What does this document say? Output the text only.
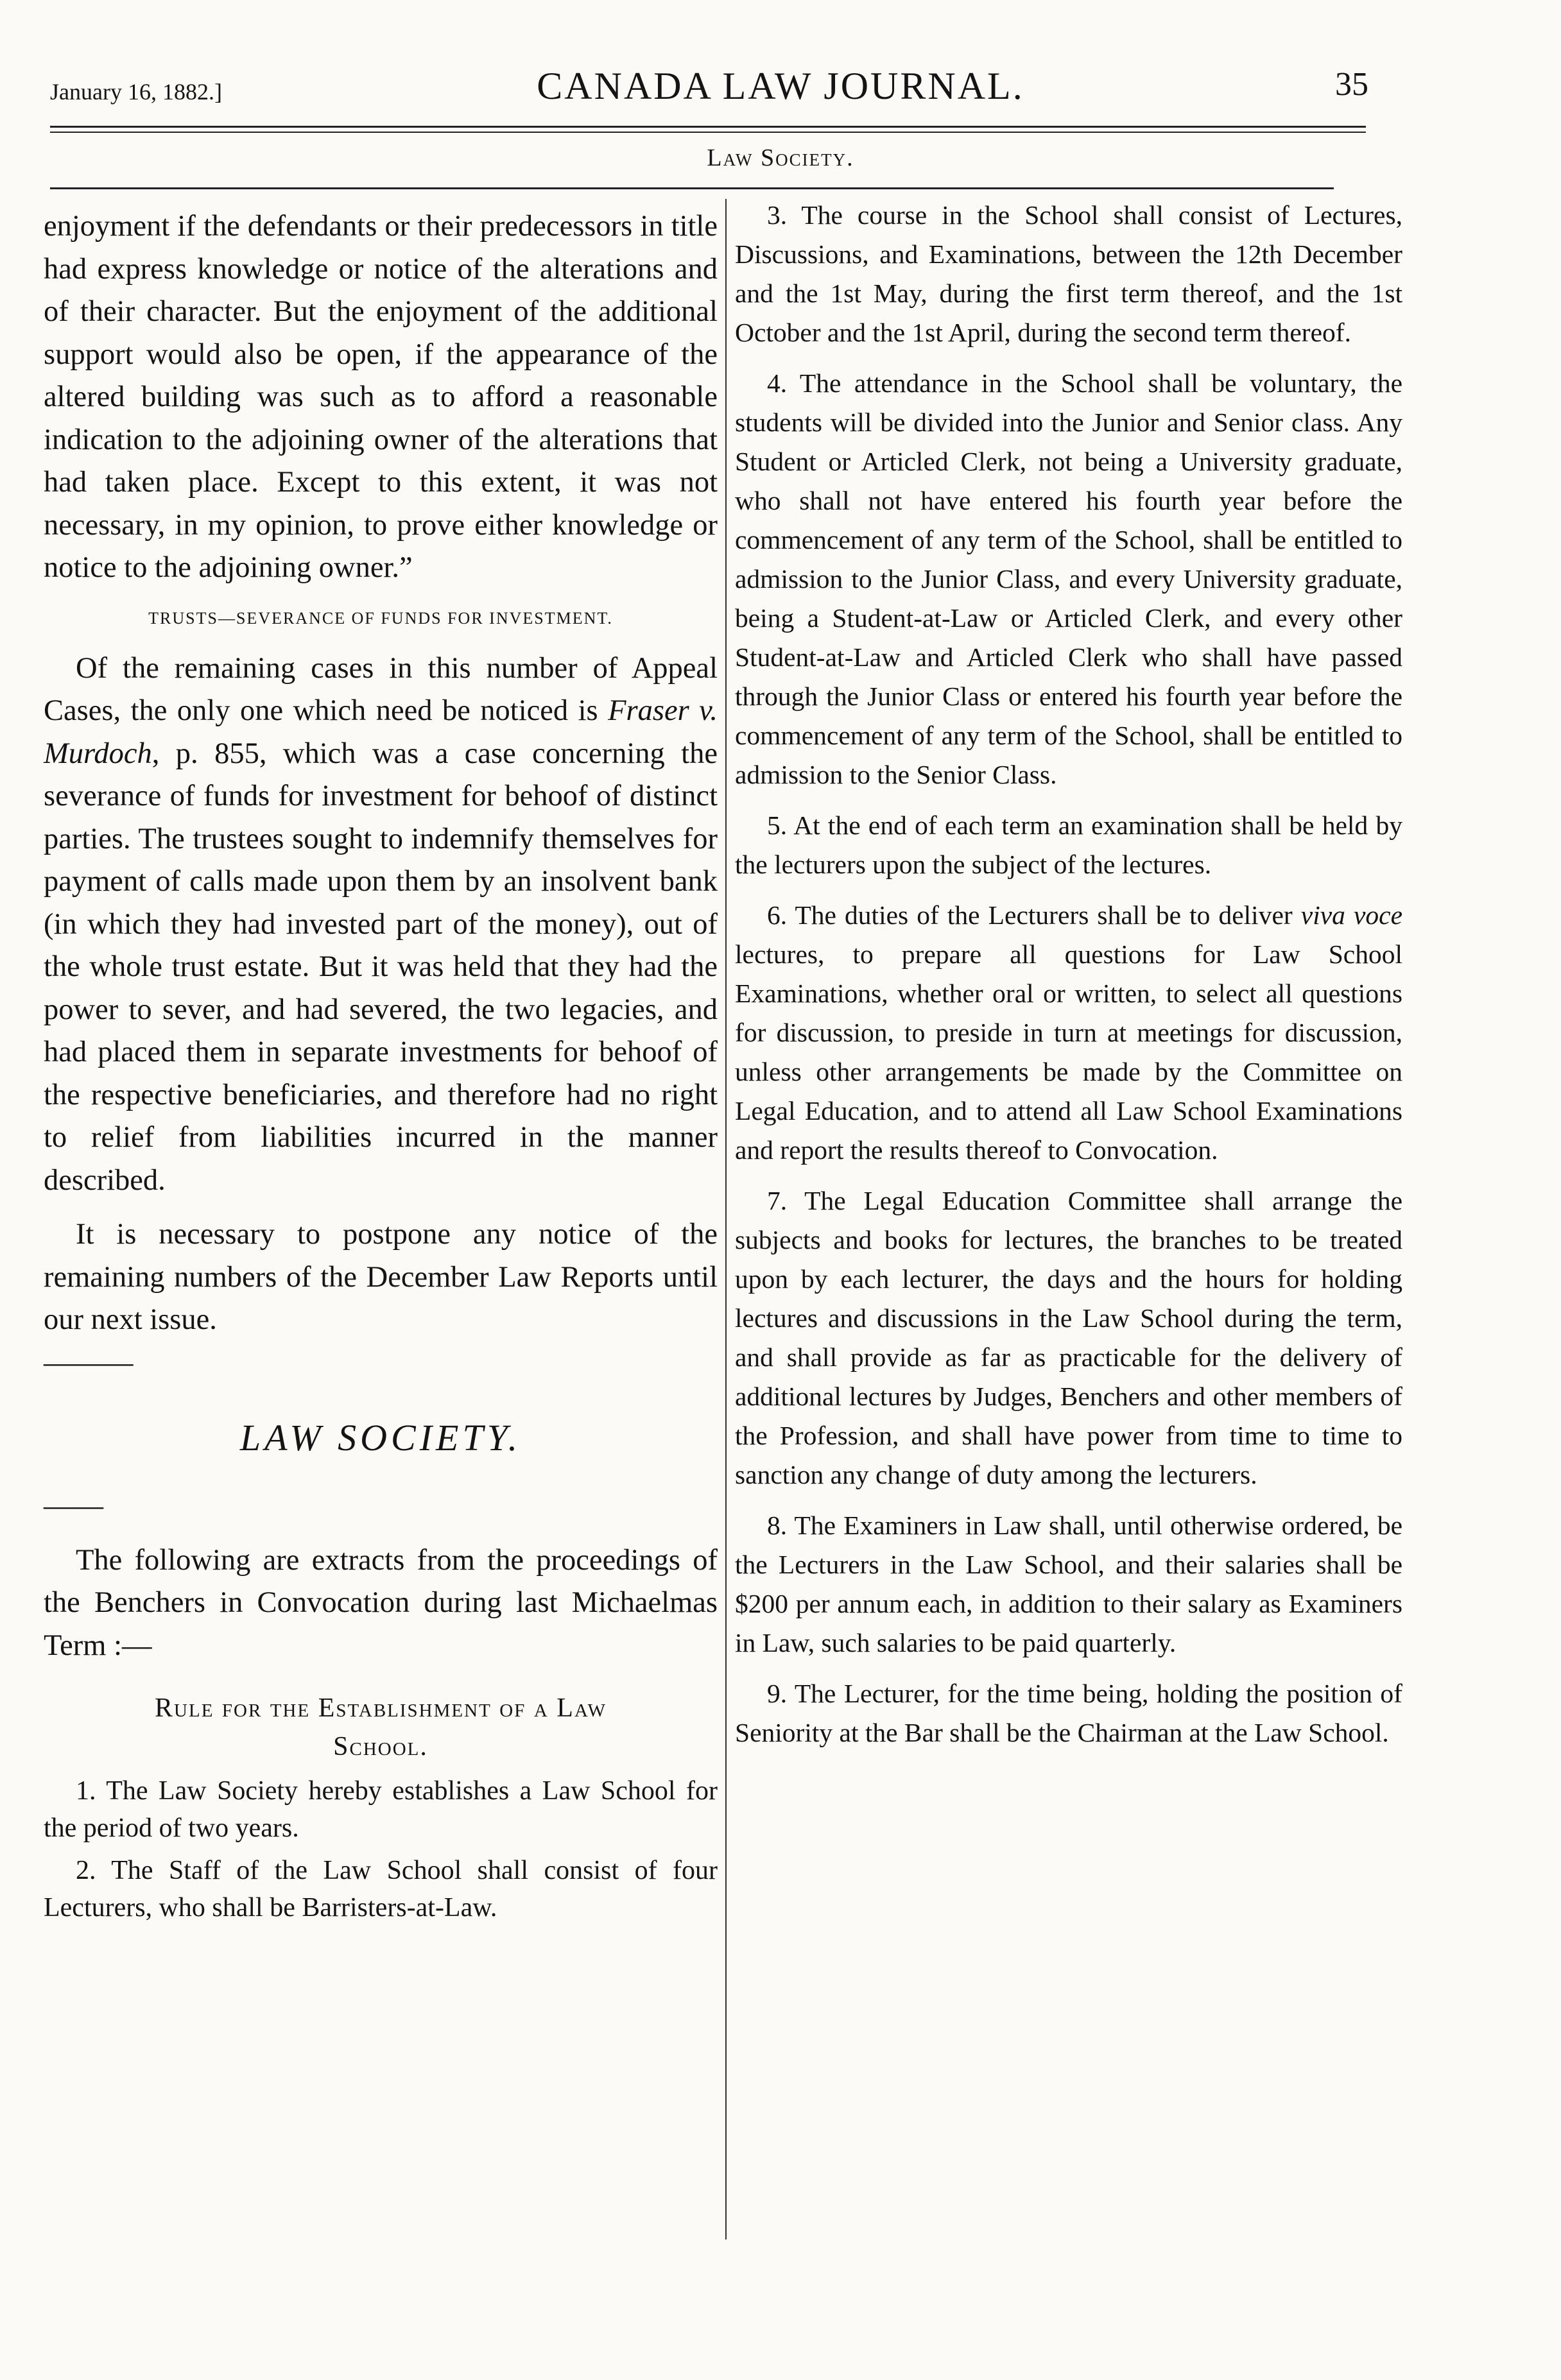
January 16, 1882.]	CANADA LAW JOURNAL.	35
Law Society.

enjoyment if the defendants or their predecessors in title had express knowledge or notice of the alterations and of their character. But the enjoyment of the additional support would also be open, if the appearance of the altered building was such as to afford a reasonable indication to the adjoining owner of the alterations that had taken place. Except to this extent, it was not necessary, in my opinion, to prove either knowledge or notice to the adjoining owner.”

TRUSTS—SEVERANCE OF FUNDS FOR INVESTMENT.

Of the remaining cases in this number of Appeal Cases, the only one which need be noticed is Fraser v. Murdoch, p. 855, which was a case concerning the severance of funds for investment for behoof of distinct parties. The trustees sought to indemnify themselves for payment of calls made upon them by an insolvent bank (in which they had invested part of the money), out of the whole trust estate. But it was held that they had the power to sever, and had severed, the two legacies, and had placed them in separate investments for behoof of the respective beneficiaries, and therefore had no right to relief from liabilities incurred in the manner described.

It is necessary to postpone any notice of the remaining numbers of the December Law Reports until our next issue.

———

LAW SOCIETY.

——

The following are extracts from the proceedings of the Benchers in Convocation during last Michaelmas Term :—

Rule for the Establishment of a Law
School.

1. The Law Society hereby establishes a Law School for the period of two years.

2. The Staff of the Law School shall consist of four Lecturers, who shall be Barristers-at-Law.

3. The course in the School shall consist of Lectures, Discussions, and Examinations, between the 12th December and the 1st May, during the first term thereof, and the 1st October and the 1st April, during the second term thereof.

4. The attendance in the School shall be voluntary, the students will be divided into the Junior and Senior class. Any Student or Articled Clerk, not being a University graduate, who shall not have entered his fourth year before the commencement of any term of the School, shall be entitled to admission to the Junior Class, and every University graduate, being a Student-at-Law or Articled Clerk, and every other Student-at-Law and Articled Clerk who shall have passed through the Junior Class or entered his fourth year before the commencement of any term of the School, shall be entitled to admission to the Senior Class.

5. At the end of each term an examination shall be held by the lecturers upon the subject of the lectures.

6. The duties of the Lecturers shall be to deliver viva voce lectures, to prepare all questions for Law School Examinations, whether oral or written, to select all questions for discussion, to preside in turn at meetings for discussion, unless other arrangements be made by the Committee on Legal Education, and to attend all Law School Examinations and report the results thereof to Convocation.

7. The Legal Education Committee shall arrange the subjects and books for lectures, the branches to be treated upon by each lecturer, the days and the hours for holding lectures and discussions in the Law School during the term, and shall provide as far as practicable for the delivery of additional lectures by Judges, Benchers and other members of the Profession, and shall have power from time to time to sanction any change of duty among the lecturers.

8. The Examiners in Law shall, until otherwise ordered, be the Lecturers in the Law School, and their salaries shall be $200 per annum each, in addition to their salary as Examiners in Law, such salaries to be paid quarterly.

9. The Lecturer, for the time being, holding the position of Seniority at the Bar shall be the Chairman at the Law School.
